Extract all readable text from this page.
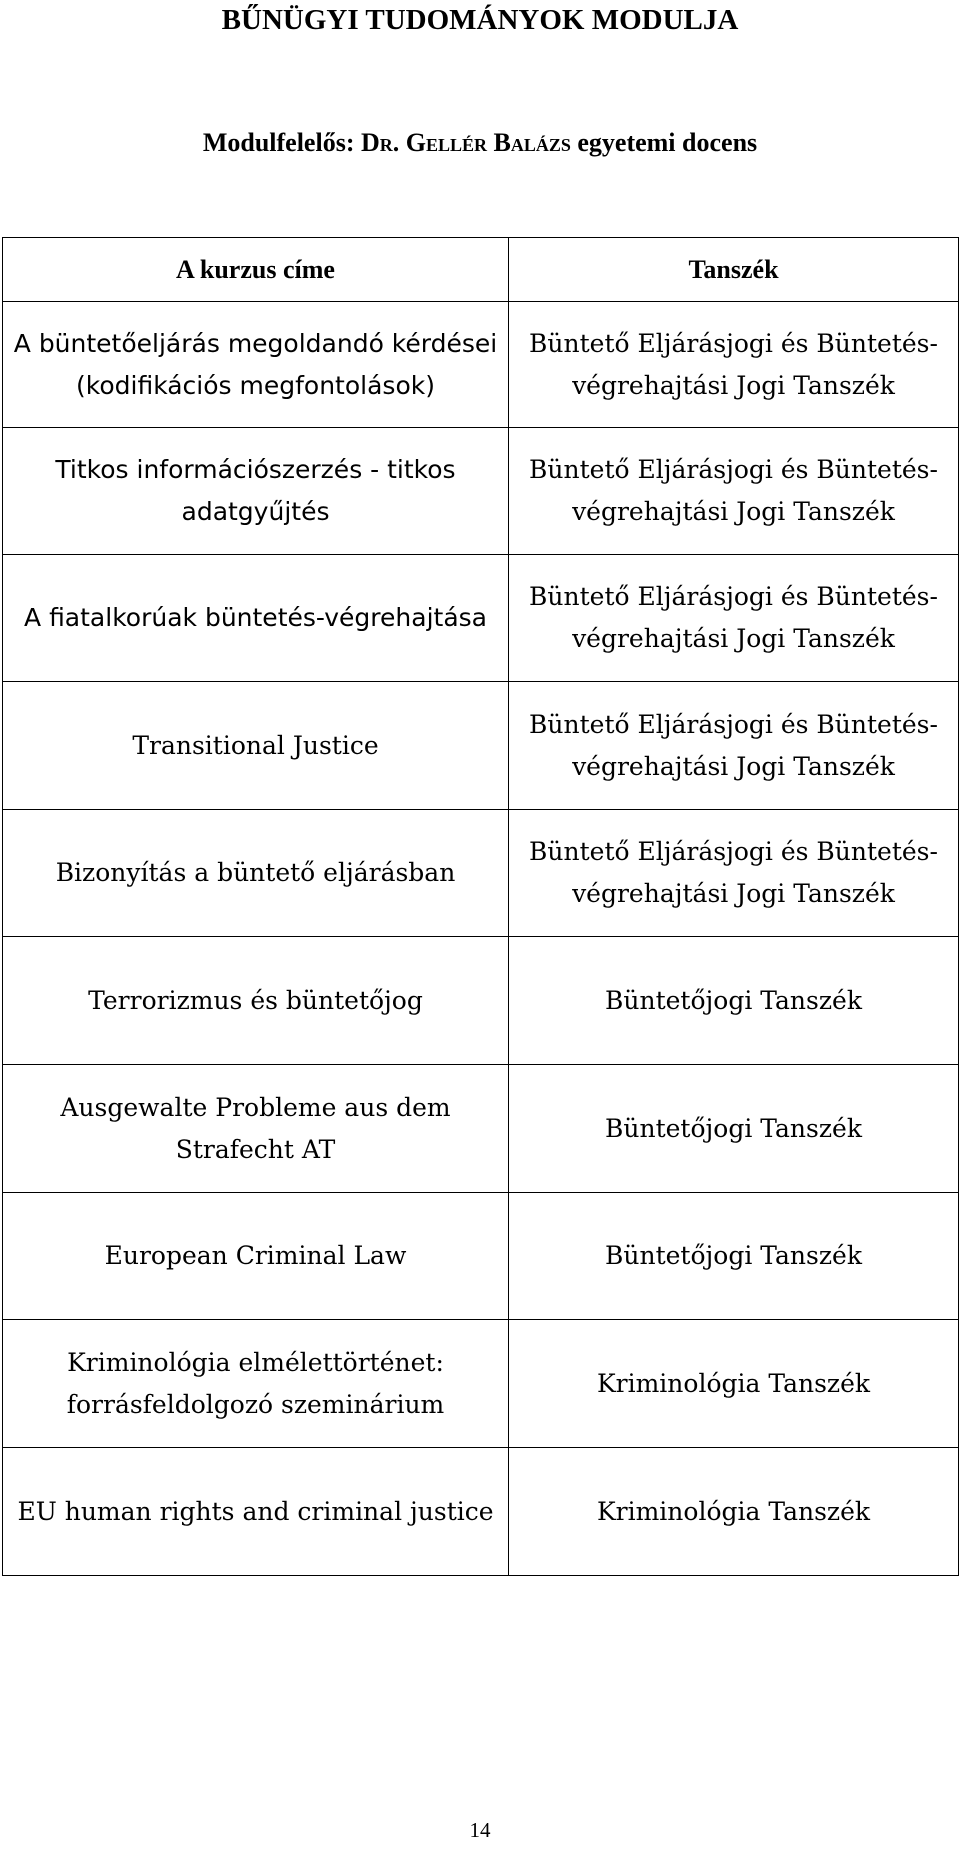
BŰNÜGYI TUDOMÁNYOK MODULJA

Modulfelelős: Dr. Gellér Balázs egyetemi docens

A kurzus címe	Tanszék
A büntetőeljárás megoldandó kérdései (kodifikációs megfontolások)	Büntető Eljárásjogi és Büntetés-végrehajtási Jogi Tanszék
Titkos információszerzés - titkos adatgyűjtés	Büntető Eljárásjogi és Büntetés-végrehajtási Jogi Tanszék
A fiatalkorúak büntetés-végrehajtása	Büntető Eljárásjogi és Büntetés-végrehajtási Jogi Tanszék
Transitional Justice	Büntető Eljárásjogi és Büntetés-végrehajtási Jogi Tanszék
Bizonyítás a büntető eljárásban	Büntető Eljárásjogi és Büntetés-végrehajtási Jogi Tanszék
Terrorizmus és büntetőjog	Büntetőjogi Tanszék
Ausgewalte Probleme aus dem Strafecht AT	Büntetőjogi Tanszék
European Criminal Law	Büntetőjogi Tanszék
Kriminológia elmélettörténet: forrásfeldolgozó szeminárium	Kriminológia Tanszék
EU human rights and criminal justice	Kriminológia Tanszék

14
